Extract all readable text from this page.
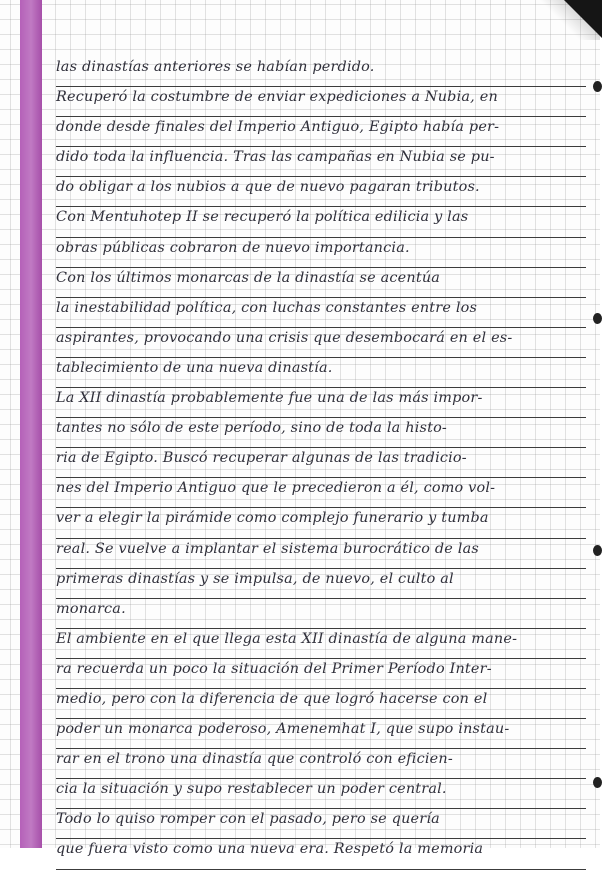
las dinastías anteriores se habían perdido.
Recuperó la costumbre de enviar expediciones a Nubia, en
donde desde finales del Imperio Antiguo, Egipto había per-
dido toda la influencia. Tras las campañas en Nubia se pu-
do obligar a los nubios a que de nuevo pagaran tributos.
Con Mentuhotep II se recuperó la política edilicia y las
obras públicas cobraron de nuevo importancia.
Con los últimos monarcas de la dinastía se acentúa
la inestabilidad política, con luchas constantes entre los
aspirantes, provocando una crisis que desembocará en el es-
tablecimiento de una nueva dinastía.
La XII dinastía probablemente fue una de las más impor-
tantes no sólo de este período, sino de toda la histo-
ria de Egipto. Buscó recuperar algunas de las tradicio-
nes del Imperio Antiguo que le precedieron a él, como vol-
ver a elegir la pirámide como complejo funerario y tumba
real. Se vuelve a implantar el sistema burocrático de las
primeras dinastías y se impulsa, de nuevo, el culto al
monarca.
El ambiente en el que llega esta XII dinastía de alguna mane-
ra recuerda un poco la situación del Primer Período Inter-
medio, pero con la diferencia de que logró hacerse con el
poder un monarca poderoso, Amenemhat I, que supo instau-
rar en el trono una dinastía que controló con eficien-
cia la situación y supo restablecer un poder central.
Todo lo quiso romper con el pasado, pero se quería
que fuera visto como una nueva era. Respetó la memoria
